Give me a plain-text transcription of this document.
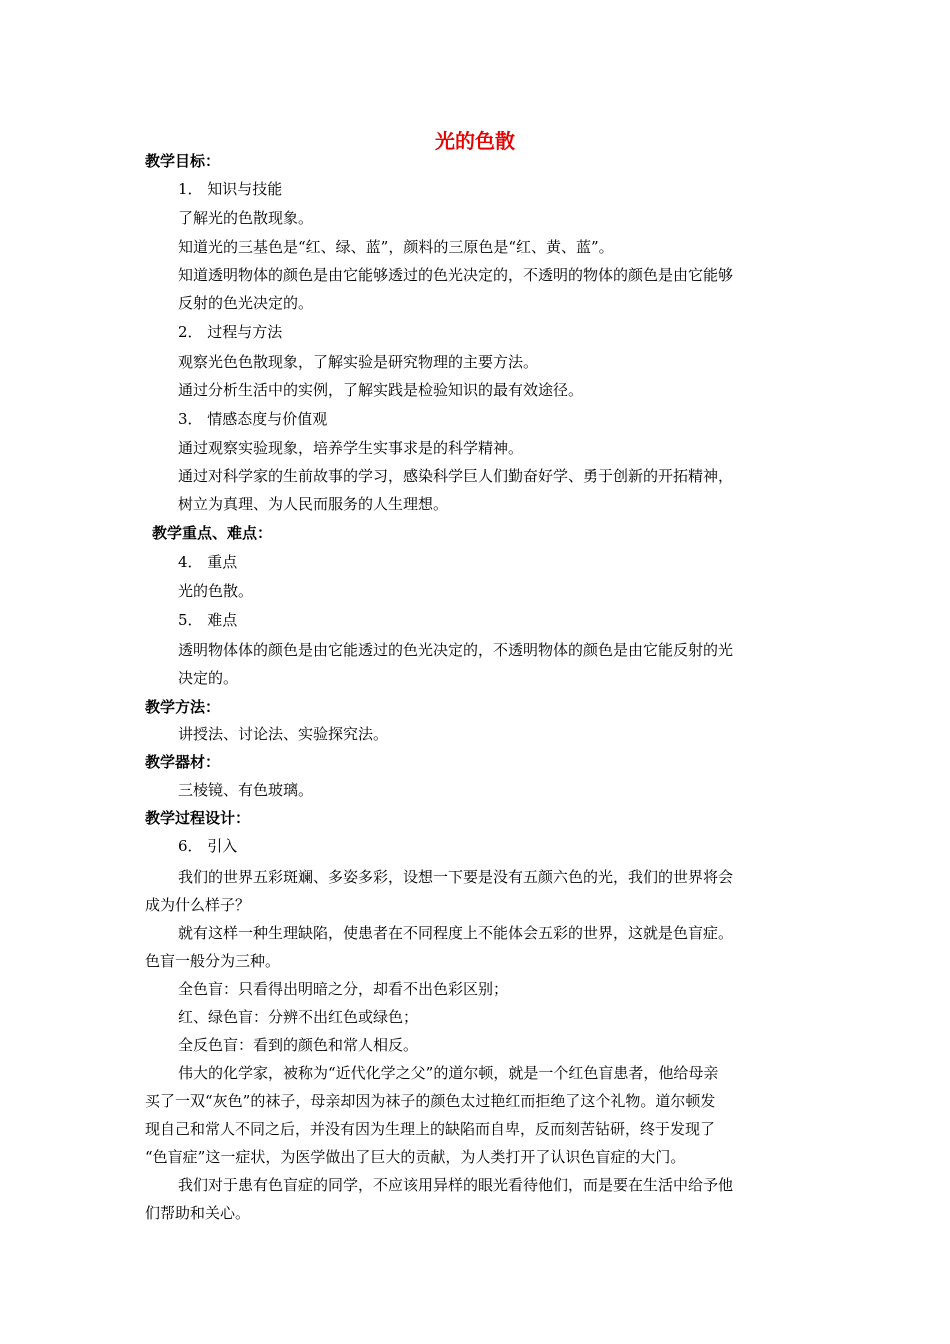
光的色散
教学目标：
1． 知识与技能
了解光的色散现象。
知道光的三基色是“红、绿、蓝”，颜料的三原色是“红、黄、蓝”。
知道透明物体的颜色是由它能够透过的色光决定的，不透明的物体的颜色是由它能够
反射的色光决定的。
2． 过程与方法
观察光色色散现象，了解实验是研究物理的主要方法。
通过分析生活中的实例，了解实践是检验知识的最有效途径。
3． 情感态度与价值观
通过观察实验现象，培养学生实事求是的科学精神。
通过对科学家的生前故事的学习，感染科学巨人们勤奋好学、勇于创新的开拓精神，
树立为真理、为人民而服务的人生理想。
教学重点、难点：
4． 重点
光的色散。
5． 难点
透明物体体的颜色是由它能透过的色光决定的，不透明物体的颜色是由它能反射的光
决定的。
教学方法：
讲授法、讨论法、实验探究法。
教学器材：
三棱镜、有色玻璃。
教学过程设计：
6． 引入
我们的世界五彩斑斓、多姿多彩，设想一下要是没有五颜六色的光，我们的世界将会
成为什么样子？
就有这样一种生理缺陷，使患者在不同程度上不能体会五彩的世界，这就是色盲症。
色盲一般分为三种。
全色盲：只看得出明暗之分，却看不出色彩区别；
红、绿色盲：分辨不出红色或绿色；
全反色盲：看到的颜色和常人相反。
伟大的化学家，被称为“近代化学之父”的道尔顿，就是一个红色盲患者，他给母亲
买了一双“灰色”的袜子，母亲却因为袜子的颜色太过艳红而拒绝了这个礼物。道尔顿发
现自己和常人不同之后，并没有因为生理上的缺陷而自卑，反而刻苦钻研，终于发现了
“色盲症”这一症状，为医学做出了巨大的贡献，为人类打开了认识色盲症的大门。
我们对于患有色盲症的同学，不应该用异样的眼光看待他们，而是要在生活中给予他
们帮助和关心。
